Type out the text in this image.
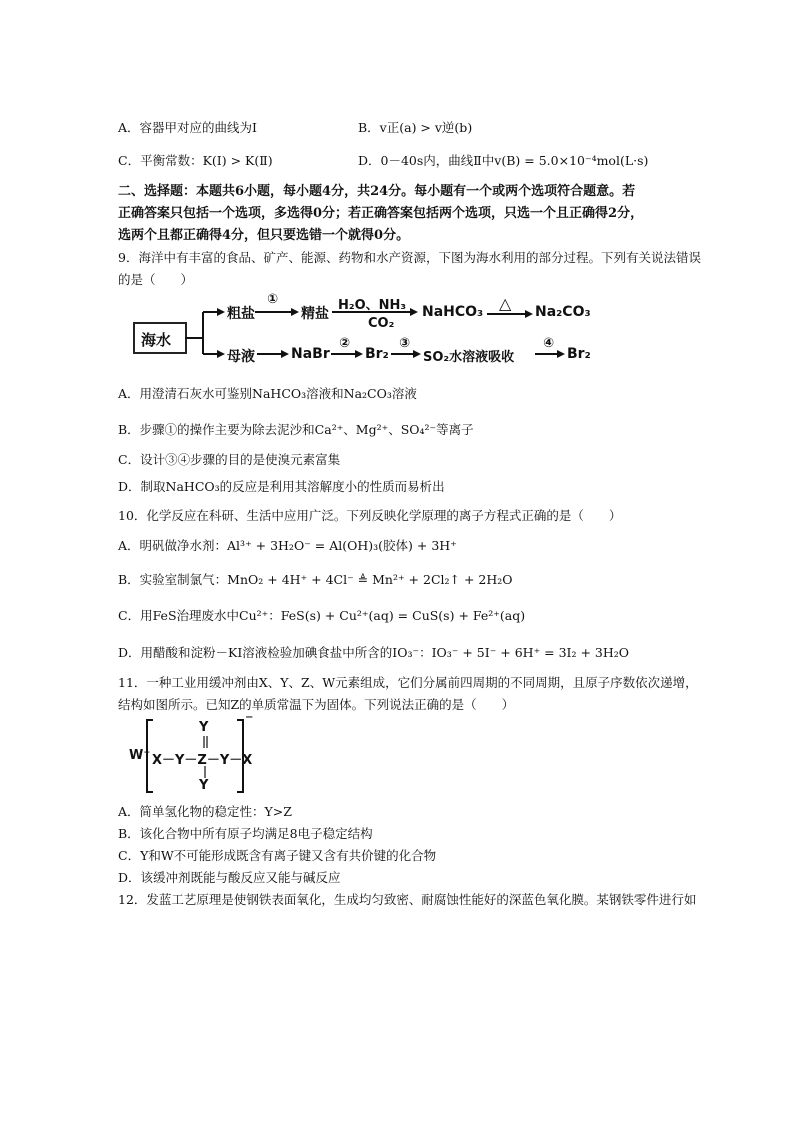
A．容器甲对应的曲线为Ⅰ	B．v正(a) > v逆(b)
C．平衡常数：K(Ⅰ) > K(Ⅱ)	D．0－40s内，曲线Ⅱ中v(B) = 5.0×10⁻⁴mol(L·s)
二、选择题：本题共6小题，每小题4分，共24分。每小题有一个或两个选项符合题意。若
正确答案只包括一个选项，多选得0分；若正确答案包括两个选项，只选一个且正确得2分，
选两个且都正确得4分，但只要选错一个就得0分。
9．海洋中有丰富的食品、矿产、能源、药物和水产资源，下图为海水利用的部分过程。下列有关说法错误
的是（　　）
海水
粗盐
①
精盐
H₂O、NH₃
CO₂
NaHCO₃ △ Na₂CO₃
母液	NaBr
②
Br₂
③
SO₂水溶液吸收
④
Br₂
A．用澄清石灰水可鉴别NaHCO₃溶液和Na₂CO₃溶液
B．步骤①的操作主要为除去泥沙和Ca²⁺、Mg²⁺、SO₄²⁻等离子
C．设计③④步骤的目的是使溴元素富集
D．制取NaHCO₃的反应是利用其溶解度小的性质而易析出
10．化学反应在科研、生活中应用广泛。下列反映化学原理的离子方程式正确的是（　　）
A．明矾做净水剂：Al³⁺ + 3H₂O⁻ = Al(OH)₃(胶体) + 3H⁺
B．实验室制氯气：MnO₂ + 4H⁺ + 4Cl⁻ ≜ Mn²⁺ + 2Cl₂↑ + 2H₂O
C．用FeS治理废水中Cu²⁺：FeS(s) + Cu²⁺(aq) = CuS(s) + Fe²⁺(aq)
D．用醋酸和淀粉－KI溶液检验加碘食盐中所含的IO₃⁻：IO₃⁻ + 5I⁻ + 6H⁺ = 3I₂ + 3H₂O
11．一种工业用缓冲剂由X、Y、Z、W元素组成，它们分属前四周期的不同周期，且原子序数依次递增，
结构如图所示。已知Z的单质常温下为固体。下列说法正确的是（　　）
W⁺
Y
X－Y－Z－Y－X
Y
⁻
A．简单氢化物的稳定性：Y>Z
B．该化合物中所有原子均满足8电子稳定结构
C．Y和W不可能形成既含有离子键又含有共价键的化合物
D．该缓冲剂既能与酸反应又能与碱反应
12．发蓝工艺原理是使钢铁表面氧化，生成均匀致密、耐腐蚀性能好的深蓝色氧化膜。某钢铁零件进行如
